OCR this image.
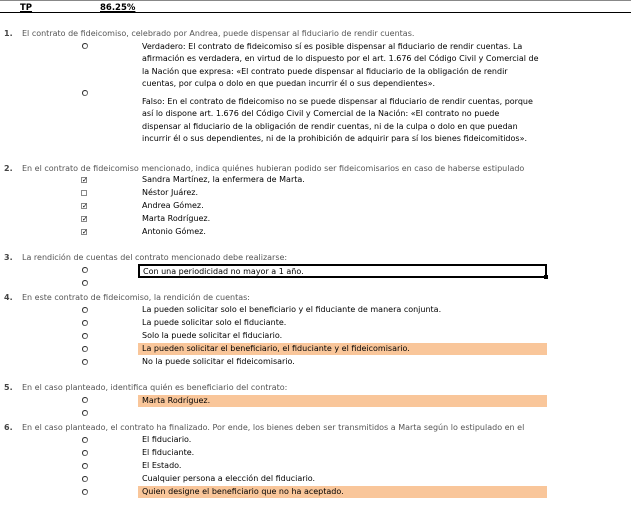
TP	86.25%
1. El contrato de fideicomiso, celebrado por Andrea, puede dispensar al fiduciario de rendir cuentas.
Verdadero: El contrato de fideicomiso sí es posible dispensar al fiduciario de rendir cuentas. La
afirmación es verdadera, en virtud de lo dispuesto por el art. 1.676 del Código Civil y Comercial de
la Nación que expresa: «El contrato puede dispensar al fiduciario de la obligación de rendir
cuentas, por culpa o dolo en que puedan incurrir él o sus dependientes».
Falso: En el contrato de fideicomiso no se puede dispensar al fiduciario de rendir cuentas, porque
así lo dispone art. 1.676 del Código Civil y Comercial de la Nación: «El contrato no puede
dispensar al fiduciario de la obligación de rendir cuentas, ni de la culpa o dolo en que puedan
incurrir él o sus dependientes, ni de la prohibición de adquirir para sí los bienes fideicomitidos».
2. En el contrato de fideicomiso mencionado, indica quiénes hubieran podido ser fideicomisarios en caso de haberse estipulado
✓	Sandra Martínez, la enfermera de Marta.
Néstor Juárez.
✓	Andrea Gómez.
✓	Marta Rodríguez.
✓	Antonio Gómez.
3. La rendición de cuentas del contrato mencionado debe realizarse:
Con una periodicidad no mayor a 1 año.
4. En este contrato de fideicomiso, la rendición de cuentas:
La pueden solicitar solo el beneficiario y el fiduciante de manera conjunta.
La puede solicitar solo el fiduciante.
Solo la puede solicitar el fiduciario.
La pueden solicitar el beneficiario, el fiduciante y el fideicomisario.
No la puede solicitar el fideicomisario.
5. En el caso planteado, identifica quién es beneficiario del contrato:
Marta Rodríguez.
6. En el caso planteado, el contrato ha finalizado. Por ende, los bienes deben ser transmitidos a Marta según lo estipulado en el
El fiduciario.
El fiduciante.
El Estado.
Cualquier persona a elección del fiduciario.
Quien designe el beneficiario que no ha aceptado.
